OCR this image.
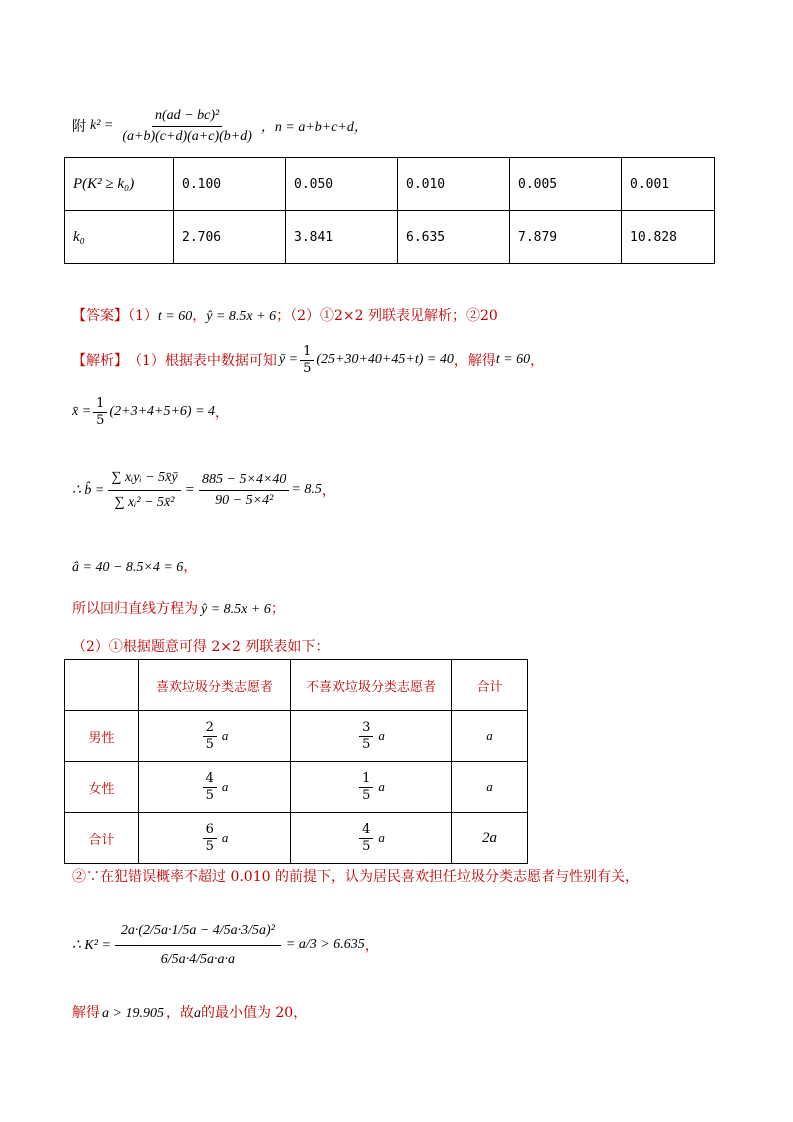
附 $k^2 = \frac{\text{n(ad − bc)²}}{(a+b)(c+d)(a+c)(b+d)}$ ，n = a+b+c+d，
P(K² ≥ k₀)	0.100	0.050	0.010	0.005	0.001
k₀	2.706	3.841	6.635	7.879	10.828
【答案】（1）t = 60，ŷ = 8.5x + 6；（2）①2×2 列联表见解析；②20
【解析】 （1）根据表中数据可知 ȳ = $\frac{1}{5} (25+30+40+45+t) = 40$ ，解得 t = 60 ，
x̄ = $\frac{1}{5} (2+3+4+5+6) = 4$ ，
∴ b̂ = $\frac{\text{∑ xᵢyᵢ − 5x̄ȳ}}{\text{∑ xᵢ² − 5x̄²}} = \frac{885 - 5\times 4\times 40}{\text{90 − 5×4²}} = 8.5$ ，
â = 40 − 8.5×4 = 6，
所以回归直线方程为 ŷ = 8.5x + 6；
（2）①根据题意可得 2×2 列联表如下：
	喜欢垃圾分类志愿者	不喜欢垃圾分类志愿者	合计
男性	$\frac{2}{5}$ a	$\frac{3}{5}$ a	a
女性	$\frac{4}{5}$ a	$\frac{1}{5}$ a	a
合计	$\frac{6}{5}$ a	$\frac{4}{5}$ a	2a
②∵在犯错误概率不超过 0.010 的前提下，认为居民喜欢担任垃圾分类志愿者与性别有关，
∴ $K^2 = \frac{\text{2a·(2/5a·1/5a − 4/5a·3/5a)²}}{6/5a\cdot 4/5a\cdot a\cdot a} = a/3 > 6.635$ ，
解得 a > 19.905 ，故a的最小值为 20，
